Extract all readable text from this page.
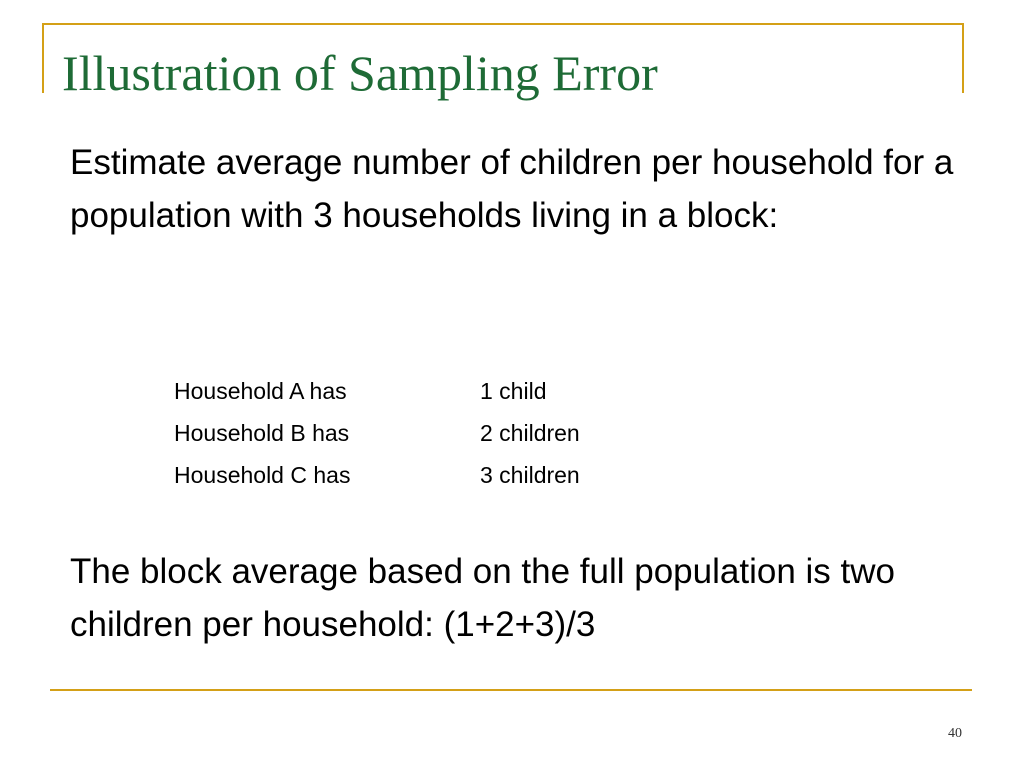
Illustration of Sampling Error

Estimate average number of children per household for a population with 3 households living in a block:

Household A has	1 child
Household B has	2 children
Household C has	3 children

The block average based on the full population is two children per household: (1+2+3)/3

40
